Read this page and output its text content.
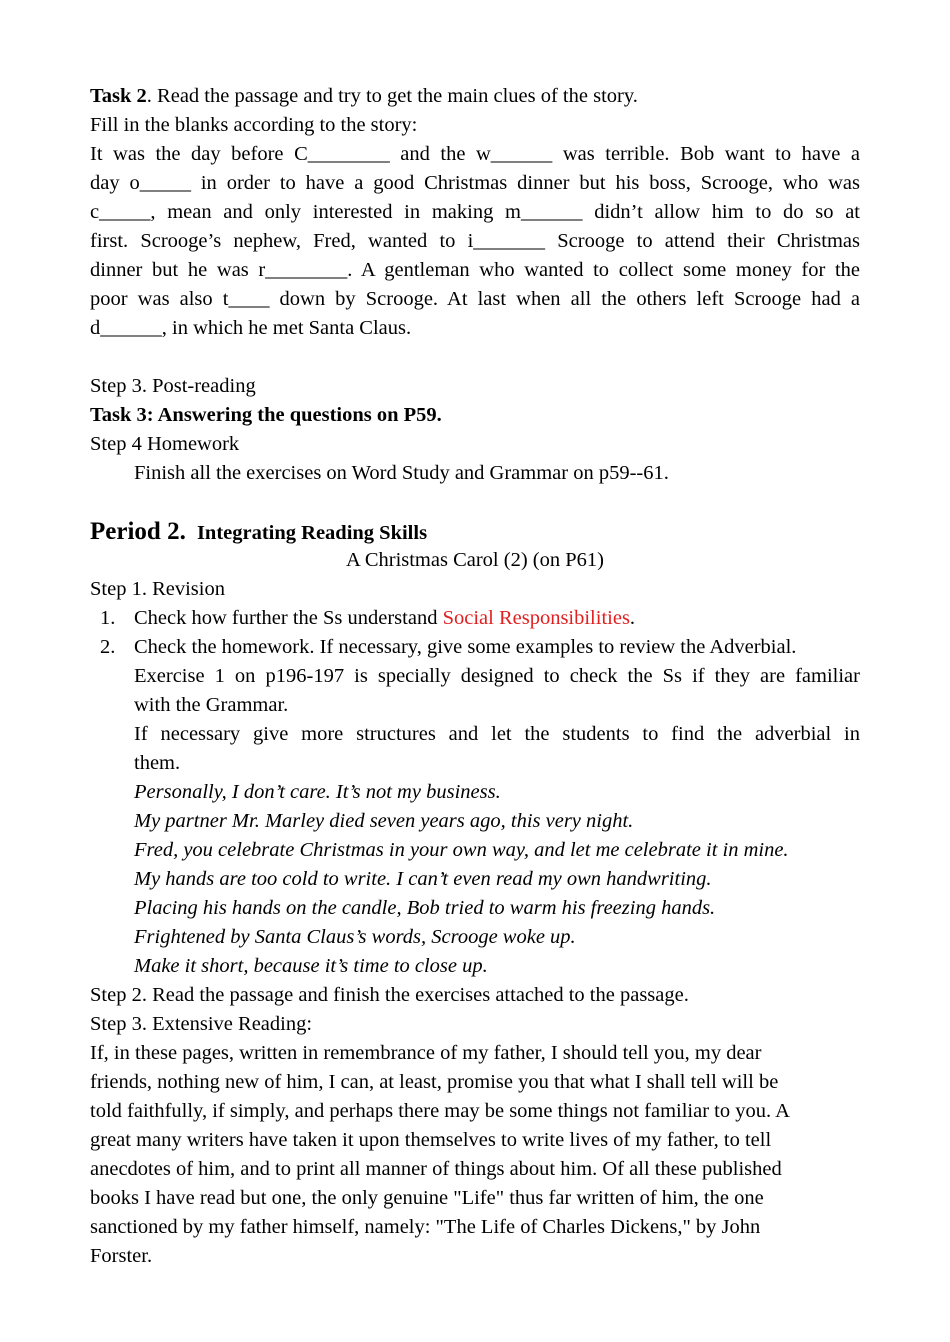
Task 2. Read the passage and try to get the main clues of the story.
Fill in the blanks according to the story:
It was the day before C________ and the w______ was terrible. Bob want to have a
day o_____ in order to have a good Christmas dinner but his boss, Scrooge, who was
c_____, mean and only interested in making m______ didn’t allow him to do so at
first. Scrooge’s nephew, Fred, wanted to i_______ Scrooge to attend their Christmas
dinner but he was r________. A gentleman who wanted to collect some money for the
poor was also t____ down by Scrooge. At last when all the others left Scrooge had a
d______, in which he met Santa Claus.
Step 3. Post-reading
Task 3: Answering the questions on P59.
Step 4 Homework
Finish all the exercises on Word Study and Grammar on p59--61.
Period 2. Integrating Reading Skills
A Christmas Carol (2) (on P61)
Step 1. Revision
1. Check how further the Ss understand Social Responsibilities.
2. Check the homework. If necessary, give some examples to review the Adverbial.
Exercise 1 on p196-197 is specially designed to check the Ss if they are familiar
with the Grammar.
If necessary give more structures and let the students to find the adverbial in
them.
Personally, I don’t care. It’s not my business.
My partner Mr. Marley died seven years ago, this very night.
Fred, you celebrate Christmas in your own way, and let me celebrate it in mine.
My hands are too cold to write. I can’t even read my own handwriting.
Placing his hands on the candle, Bob tried to warm his freezing hands.
Frightened by Santa Claus’s words, Scrooge woke up.
Make it short, because it’s time to close up.
Step 2. Read the passage and finish the exercises attached to the passage.
Step 3. Extensive Reading:
If, in these pages, written in remembrance of my father, I should tell you, my dear
friends, nothing new of him, I can, at least, promise you that what I shall tell will be
told faithfully, if simply, and perhaps there may be some things not familiar to you. A
great many writers have taken it upon themselves to write lives of my father, to tell
anecdotes of him, and to print all manner of things about him. Of all these published
books I have read but one, the only genuine "Life" thus far written of him, the one
sanctioned by my father himself, namely: "The Life of Charles Dickens," by John
Forster.
